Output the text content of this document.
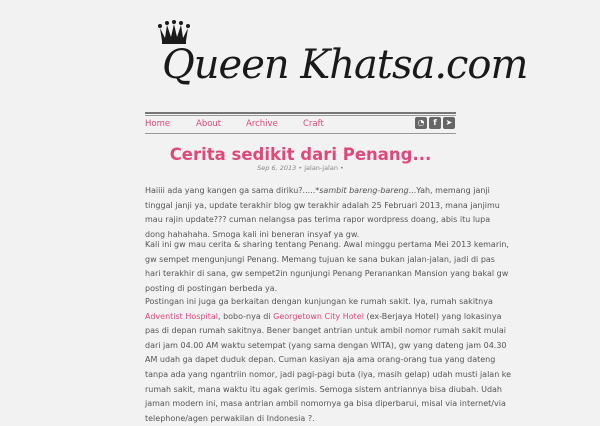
Queen Khatsa.com
Home	About	Archive	Craft	◔	f	➤
Cerita sedikit dari Penang...
Sep 6, 2013 • jalan-jalan •
Haiiii ada yang kangen ga sama diriku?.....*sambit bareng-bareng...Yah, memang janji
tinggal janji ya, update terakhir blog gw terakhir adalah 25 Februari 2013, mana janjimu
mau rajin update??? cuman nelangsa pas terima rapor wordpress doang, abis itu lupa
dong hahahaha. Smoga kali ini beneran insyaf ya gw.
Kali ini gw mau cerita & sharing tentang Penang. Awal minggu pertama Mei 2013 kemarin,
gw sempet mengunjungi Penang. Memang tujuan ke sana bukan jalan-jalan, jadi di pas
hari terakhir di sana, gw sempet2in ngunjungi Penang Peranankan Mansion yang bakal gw
posting di postingan berbeda ya.
Postingan ini juga ga berkaitan dengan kunjungan ke rumah sakit. Iya, rumah sakitnya
Adventist Hospital, bobo-nya di Georgetown City Hotel (ex-Berjaya Hotel) yang lokasinya
pas di depan rumah sakitnya. Bener banget antrian untuk ambil nomor rumah sakit mulai
dari jam 04.00 AM waktu setempat (yang sama dengan WITA), gw yang dateng jam 04.30
AM udah ga dapet duduk depan. Cuman kasiyan aja ama orang-orang tua yang dateng
tanpa ada yang ngantriin nomor, jadi pagi-pagi buta (iya, masih gelap) udah musti jalan ke
rumah sakit, mana waktu itu agak gerimis. Semoga sistem antriannya bisa diubah. Udah
jaman modern ini, masa antrian ambil nomornya ga bisa diperbarui, misal via internet/via
telephone/agen perwakilan di Indonesia ?.
